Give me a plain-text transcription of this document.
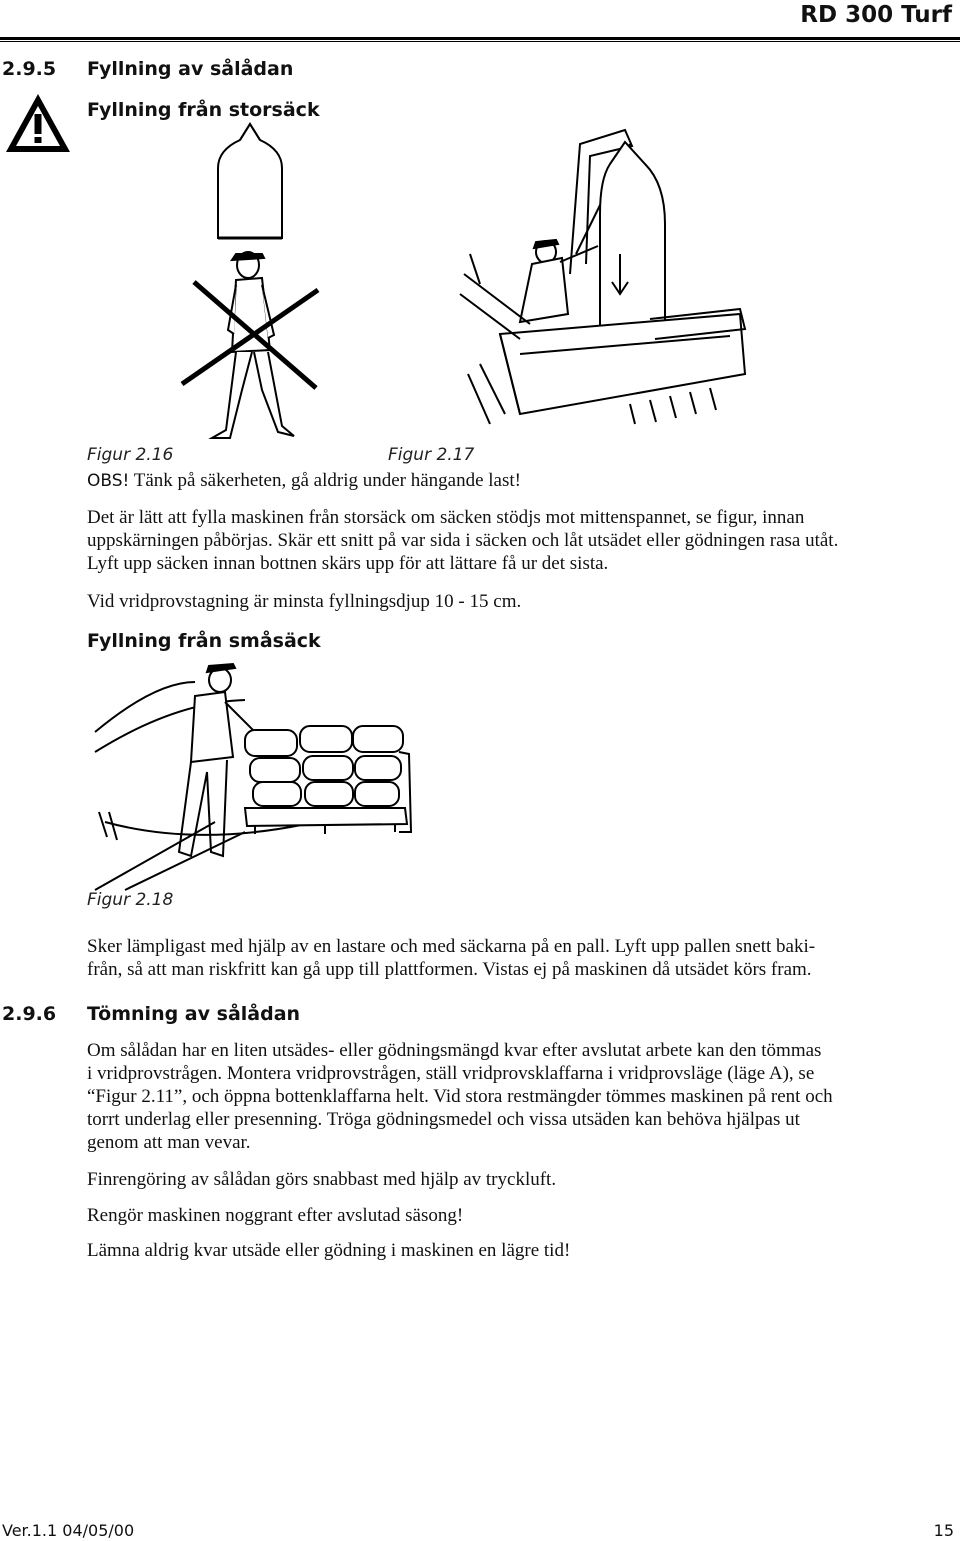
RD 300 Turf
2.9.5 Fyllning av sålådan
Fyllning från storsäck
Figur 2.16	Figur 2.17
OBS! Tänk på säkerheten, gå aldrig under hängande last!

Det är lätt att fylla maskinen från storsäck om säcken stödjs mot mittenspannet, se figur, innan

uppskärningen påbörjas. Skär ett snitt på var sida i säcken och låt utsädet eller gödningen rasa utåt.

Lyft upp säcken innan bottnen skärs upp för att lättare få ur det sista.

Vid vridprovstagning är minsta fyllningsdjup 10 - 15 cm.
Fyllning från småsäck
Figur 2.18

Sker lämpligast med hjälp av en lastare och med säckarna på en pall. Lyft upp pallen snett baki-

från, så att man riskfritt kan gå upp till plattformen. Vistas ej på maskinen då utsädet körs fram.

2.9.6 Tömning av sålådan

Om sålådan har en liten utsädes- eller gödningsmängd kvar efter avslutat arbete kan den tömmas

i vridprovstrågen. Montera vridprovstrågen, ställ vridprovsklaffarna i vridprovsläge (läge A), se

“Figur 2.11”, och öppna bottenklaffarna helt. Vid stora restmängder tömmes maskinen på rent och

torrt underlag eller presenning. Tröga gödningsmedel och vissa utsäden kan behöva hjälpas ut

genom att man vevar.

Finrengöring av sålådan görs snabbast med hjälp av tryckluft.
Rengör maskinen noggrant efter avslutad säsong!
Lämna aldrig kvar utsäde eller gödning i maskinen en lägre tid!
Ver.1.1 04/05/00	15
